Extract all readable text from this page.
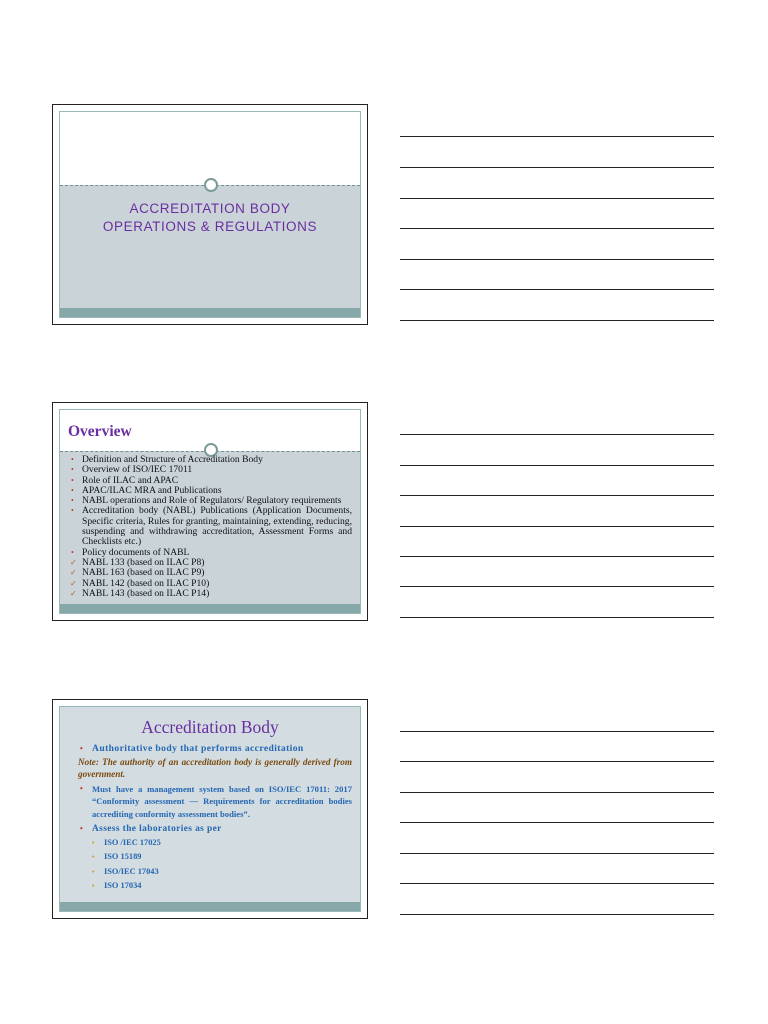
ACCREDITATION BODY
OPERATIONS & REGULATIONS
Overview
• Definition and Structure of Accreditation Body
• Overview of ISO/IEC 17011
• Role of ILAC and APAC
• APAC/ILAC MRA and Publications
• NABL operations and Role of Regulators/ Regulatory requirements
• Accreditation body (NABL) Publications (Application Documents, Specific criteria, Rules for granting, maintaining, extending, reducing, suspending and withdrawing accreditation, Assessment Forms and Checklists etc.)
• Policy documents of NABL
✓ NABL 133 (based on ILAC P8)
✓ NABL 163 (based on ILAC P9)
✓ NABL 142 (based on ILAC P10)
✓ NABL 143 (based on ILAC P14)
Accreditation Body
• Authoritative body that performs accreditation
Note: The authority of an accreditation body is generally derived from government.
• Must have a management system based on ISO/IEC 17011: 2017 “Conformity assessment — Requirements for accreditation bodies accrediting conformity assessment bodies”.
• Assess the laboratories as per
• ISO /IEC 17025
• ISO 15189
• ISO/IEC 17043
• ISO 17034
